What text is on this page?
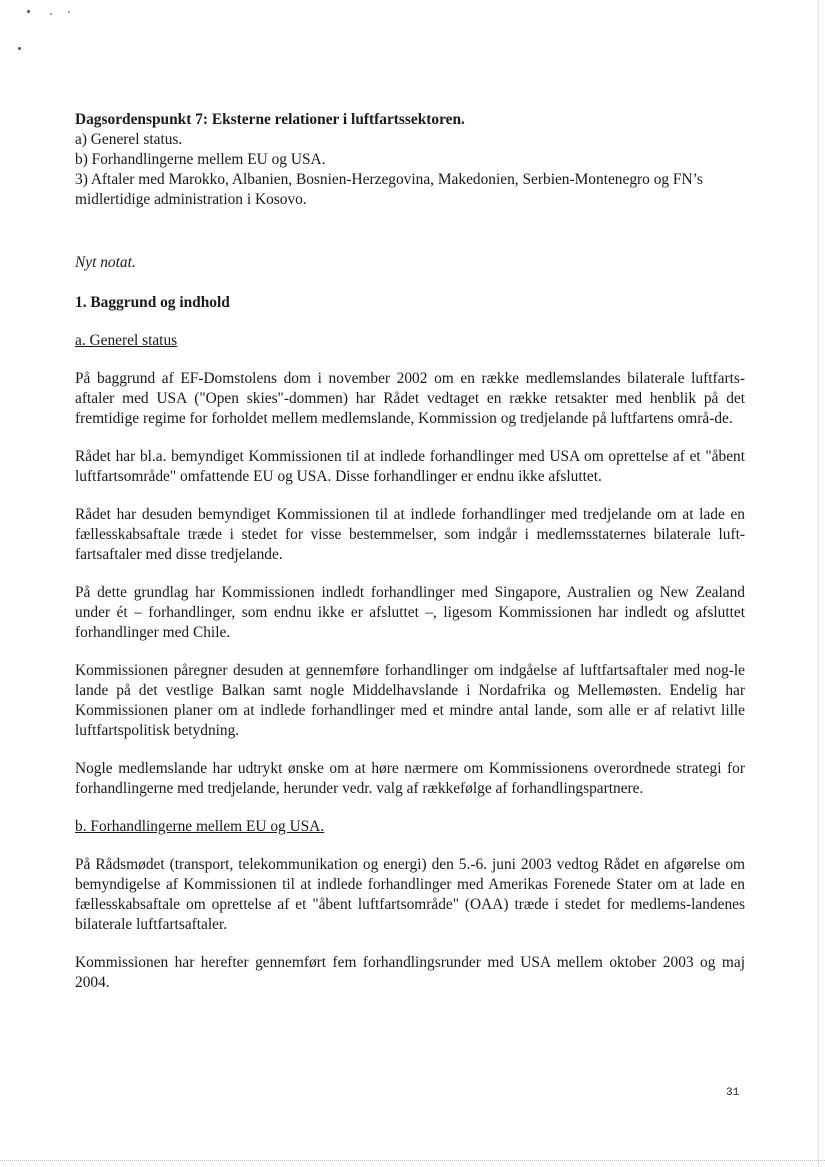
Dagsordenspunkt 7: Eksterne relationer i luftfartssektoren.

a) Generel status.

b) Forhandlingerne mellem EU og USA.

3) Aftaler med Marokko, Albanien, Bosnien-Herzegovina, Makedonien, Serbien-Montenegro og FN’s midlertidige administration i Kosovo.

Nyt notat.

1. Baggrund og indhold

a. Generel status

På baggrund af EF-Domstolens dom i november 2002 om en række medlemslandes bilaterale luftfarts-aftaler med USA ("Open skies"-dommen) har Rådet vedtaget en række retsakter med henblik på det fremtidige regime for forholdet mellem medlemslande, Kommission og tredjelande på luftfartens områ-de.

Rådet har bl.a. bemyndiget Kommissionen til at indlede forhandlinger med USA om oprettelse af et "åbent luftfartsområde" omfattende EU og USA. Disse forhandlinger er endnu ikke afsluttet.

Rådet har desuden bemyndiget Kommissionen til at indlede forhandlinger med tredjelande om at lade en fællesskabsaftale træde i stedet for visse bestemmelser, som indgår i medlemsstaternes bilaterale luft-fartsaftaler med disse tredjelande.

På dette grundlag har Kommissionen indledt forhandlinger med Singapore, Australien og New Zealand under ét – forhandlinger, som endnu ikke er afsluttet –, ligesom Kommissionen har indledt og afsluttet forhandlinger med Chile.

Kommissionen påregner desuden at gennemføre forhandlinger om indgåelse af luftfartsaftaler med nog-le lande på det vestlige Balkan samt nogle Middelhavslande i Nordafrika og Mellemøsten. Endelig har Kommissionen planer om at indlede forhandlinger med et mindre antal lande, som alle er af relativt lille luftfartspolitisk betydning.

Nogle medlemslande har udtrykt ønske om at høre nærmere om Kommissionens overordnede strategi for forhandlingerne med tredjelande, herunder vedr. valg af rækkefølge af forhandlingspartnere.

b. Forhandlingerne mellem EU og USA.

På Rådsmødet (transport, telekommunikation og energi) den 5.-6. juni 2003 vedtog Rådet en afgørelse om bemyndigelse af Kommissionen til at indlede forhandlinger med Amerikas Forenede Stater om at lade en fællesskabsaftale om oprettelse af et "åbent luftfartsområde" (OAA) træde i stedet for medlems-landenes bilaterale luftfartsaftaler.

Kommissionen har herefter gennemført fem forhandlingsrunder med USA mellem oktober 2003 og maj 2004.

31
